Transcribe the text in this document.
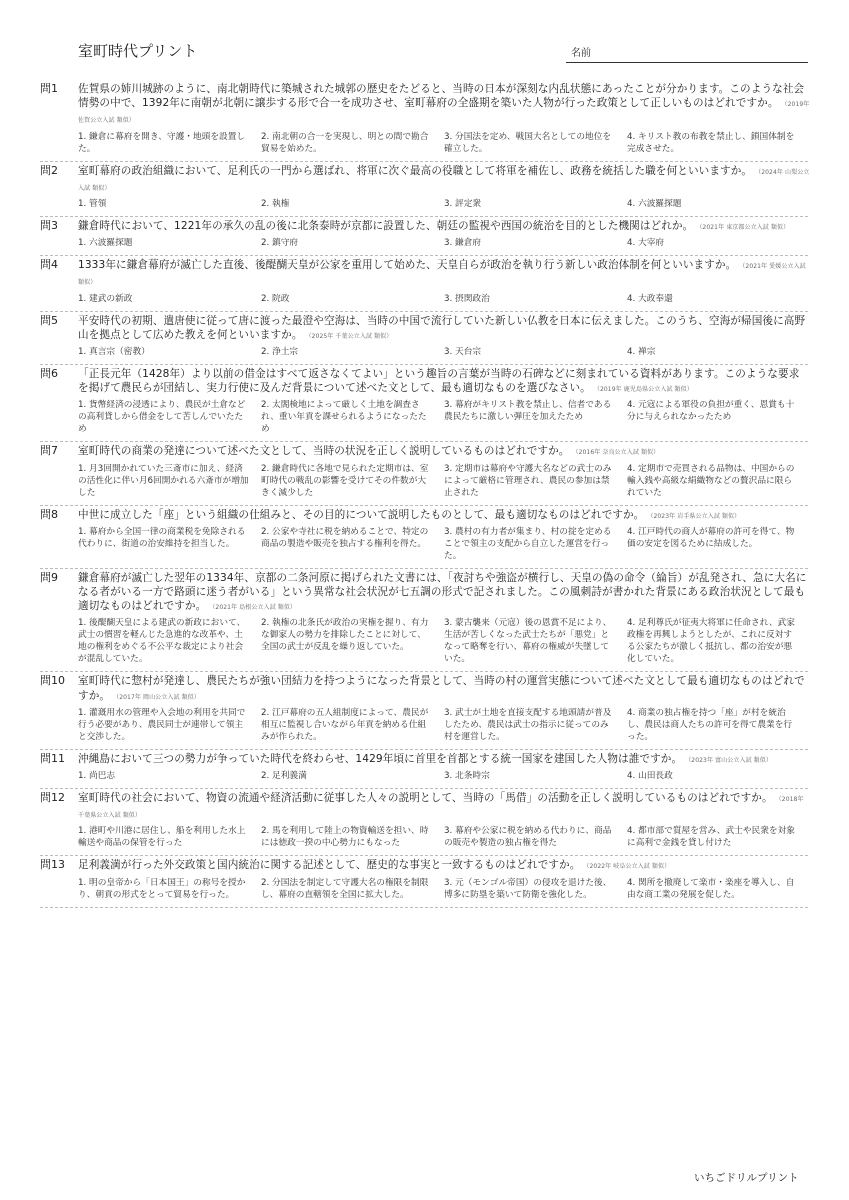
室町時代プリント	名前
問1	佐賀県の姉川城跡のように、南北朝時代に築城された城郭の歴史をたどると、当時の日本が深刻な内乱状態にあったことが分かります。このような社会情勢の中で、1392年に南朝が北朝に譲歩する形で合一を成功させ、室町幕府の全盛期を築いた人物が行った政策として正しいものはどれですか。 （2019年 佐賀公立入試 類似）
1. 鎌倉に幕府を開き、守護・地頭を設置した。
2. 南北朝の合一を実現し、明との間で勘合貿易を始めた。
3. 分国法を定め、戦国大名としての地位を確立した。
4. キリスト教の布教を禁止し、鎖国体制を完成させた。
問2	室町幕府の政治組織において、足利氏の一門から選ばれ、将軍に次ぐ最高の役職として将軍を補佐し、政務を統括した職を何といいますか。 （2024年 山梨公立入試 類似）
1. 管領	2. 執権	3. 評定衆	4. 六波羅探題
問3	鎌倉時代において、1221年の承久の乱の後に北条泰時が京都に設置した、朝廷の監視や西国の統治を目的とした機関はどれか。 （2021年 東京都公立入試 類似）
1. 六波羅探題	2. 鎮守府	3. 鎌倉府	4. 大宰府
問4	1333年に鎌倉幕府が滅亡した直後、後醍醐天皇が公家を重用して始めた、天皇自らが政治を執り行う新しい政治体制を何といいますか。 （2021年 愛媛公立入試 類似）
1. 建武の新政	2. 院政	3. 摂関政治	4. 大政奉還
問5	平安時代の初期、遣唐使に従って唐に渡った最澄や空海は、当時の中国で流行していた新しい仏教を日本に伝えました。このうち、空海が帰国後に高野山を拠点として広めた教えを何といいますか。 （2025年 千葉公立入試 類似）
1. 真言宗（密教）	2. 浄土宗	3. 天台宗	4. 禅宗
問6	「正長元年（1428年）より以前の借金はすべて返さなくてよい」という趣旨の言葉が当時の石碑などに刻まれている資料があります。このような要求を掲げて農民らが団結し、実力行使に及んだ背景について述べた文として、最も適切なものを選びなさい。 （2019年 鹿児島県公立入試 類似）
1. 貨幣経済の浸透により、農民が土倉などの高利貸しから借金をして苦しんでいたため
2. 太閤検地によって厳しく土地を調査され、重い年貢を課せられるようになったため
3. 幕府がキリスト教を禁止し、信者である農民たちに激しい弾圧を加えたため
4. 元寇による軍役の負担が重く、恩賞も十分に与えられなかったため
問7	室町時代の商業の発達について述べた文として、当時の状況を正しく説明しているものはどれですか。 （2016年 奈良公立入試 類似）
1. 月3回開かれていた三斎市に加え、経済の活性化に伴い月6回開かれる六斎市が増加した
2. 鎌倉時代に各地で見られた定期市は、室町時代の戦乱の影響を受けてその件数が大きく減少した
3. 定期市は幕府や守護大名などの武士のみによって厳格に管理され、農民の参加は禁止された
4. 定期市で売買される品物は、中国からの輸入銭や高級な絹織物などの贅沢品に限られていた
問8	中世に成立した「座」という組織の仕組みと、その目的について説明したものとして、最も適切なものはどれですか。 （2023年 岩手県公立入試 類似）
1. 幕府から全国一律の商業税を免除される代わりに、街道の治安維持を担当した。
2. 公家や寺社に税を納めることで、特定の商品の製造や販売を独占する権利を得た。
3. 農村の有力者が集まり、村の掟を定めることで領主の支配から自立した運営を行った。
4. 江戸時代の商人が幕府の許可を得て、物価の安定を図るために結成した。
問9	鎌倉幕府が滅亡した翌年の1334年、京都の二条河原に掲げられた文書には、「夜討ちや強盗が横行し、天皇の偽の命令（綸旨）が乱発され、急に大名になる者がいる一方で路頭に迷う者がいる」という異常な社会状況が七五調の形式で記されました。この風刺詩が書かれた背景にある政治状況として最も適切なものはどれですか。 （2021年 島根公立入試 類似）
1. 後醍醐天皇による建武の新政において、武士の慣習を軽んじた急進的な改革や、土地の権利をめぐる不公平な裁定により社会が混乱していた。
2. 執権の北条氏が政治の実権を握り、有力な御家人の勢力を排除したことに対して、全国の武士が反乱を繰り返していた。
3. 蒙古襲来（元寇）後の恩賞不足により、生活が苦しくなった武士たちが「悪党」となって略奪を行い、幕府の権威が失墜していた。
4. 足利尊氏が征夷大将軍に任命され、武家政権を再興しようとしたが、これに反対する公家たちが激しく抵抗し、都の治安が悪化していた。
問10	室町時代に惣村が発達し、農民たちが強い団結力を持つようになった背景として、当時の村の運営実態について述べた文として最も適切なものはどれですか。 （2017年 岡山公立入試 類似）
1. 灌漑用水の管理や入会地の利用を共同で行う必要があり、農民同士が連帯して領主と交渉した。
2. 江戸幕府の五人組制度によって、農民が相互に監視し合いながら年貢を納める仕組みが作られた。
3. 武士が土地を直接支配する地頭請が普及したため、農民は武士の指示に従ってのみ村を運営した。
4. 商業の独占権を持つ「座」が村を統治し、農民は商人たちの許可を得て農業を行った。
問11	沖縄島において三つの勢力が争っていた時代を終わらせ、1429年頃に首里を首都とする統一国家を建国した人物は誰ですか。 （2023年 富山公立入試 類似）
1. 尚巴志	2. 足利義満	3. 北条時宗	4. 山田長政
問12	室町時代の社会において、物資の流通や経済活動に従事した人々の説明として、当時の「馬借」の活動を正しく説明しているものはどれですか。 （2018年 千葉県公立入試 類似）
1. 港町や川港に居住し、船を利用した水上輸送や商品の保管を行った
2. 馬を利用して陸上の物資輸送を担い、時には徳政一揆の中心勢力にもなった
3. 幕府や公家に税を納める代わりに、商品の販売や製造の独占権を得た
4. 都市部で質屋を営み、武士や民衆を対象に高利で金銭を貸し付けた
問13	足利義満が行った外交政策と国内統治に関する記述として、歴史的な事実と一致するものはどれですか。 （2022年 岐阜公立入試 類似）
1. 明の皇帝から「日本国王」の称号を授かり、朝貢の形式をとって貿易を行った。
2. 分国法を制定して守護大名の権限を制限し、幕府の直轄領を全国に拡大した。
3. 元（モンゴル帝国）の侵攻を退けた後、博多に防塁を築いて防衛を強化した。
4. 関所を撤廃して楽市・楽座を導入し、自由な商工業の発展を促した。
いちごドリルプリント
